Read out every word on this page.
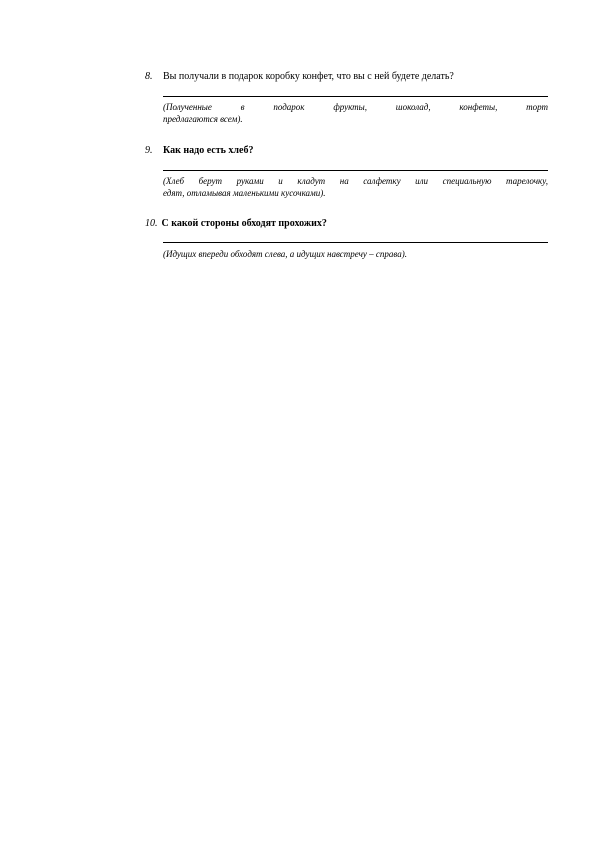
8.	Вы получали в подарок коробку конфет, что вы с ней будете делать?
(Полученные в подарок фрукты, шоколад, конфеты, торт
предлагаются всем).
9.	Как надо есть хлеб?
(Хлеб берут руками и кладут на салфетку или специальную тарелочку,
едят, отламывая маленькими кусочками).
10. С какой стороны обходят прохожих?
(Идущих впереди обходят слева, а идущих навстречу – справа).
